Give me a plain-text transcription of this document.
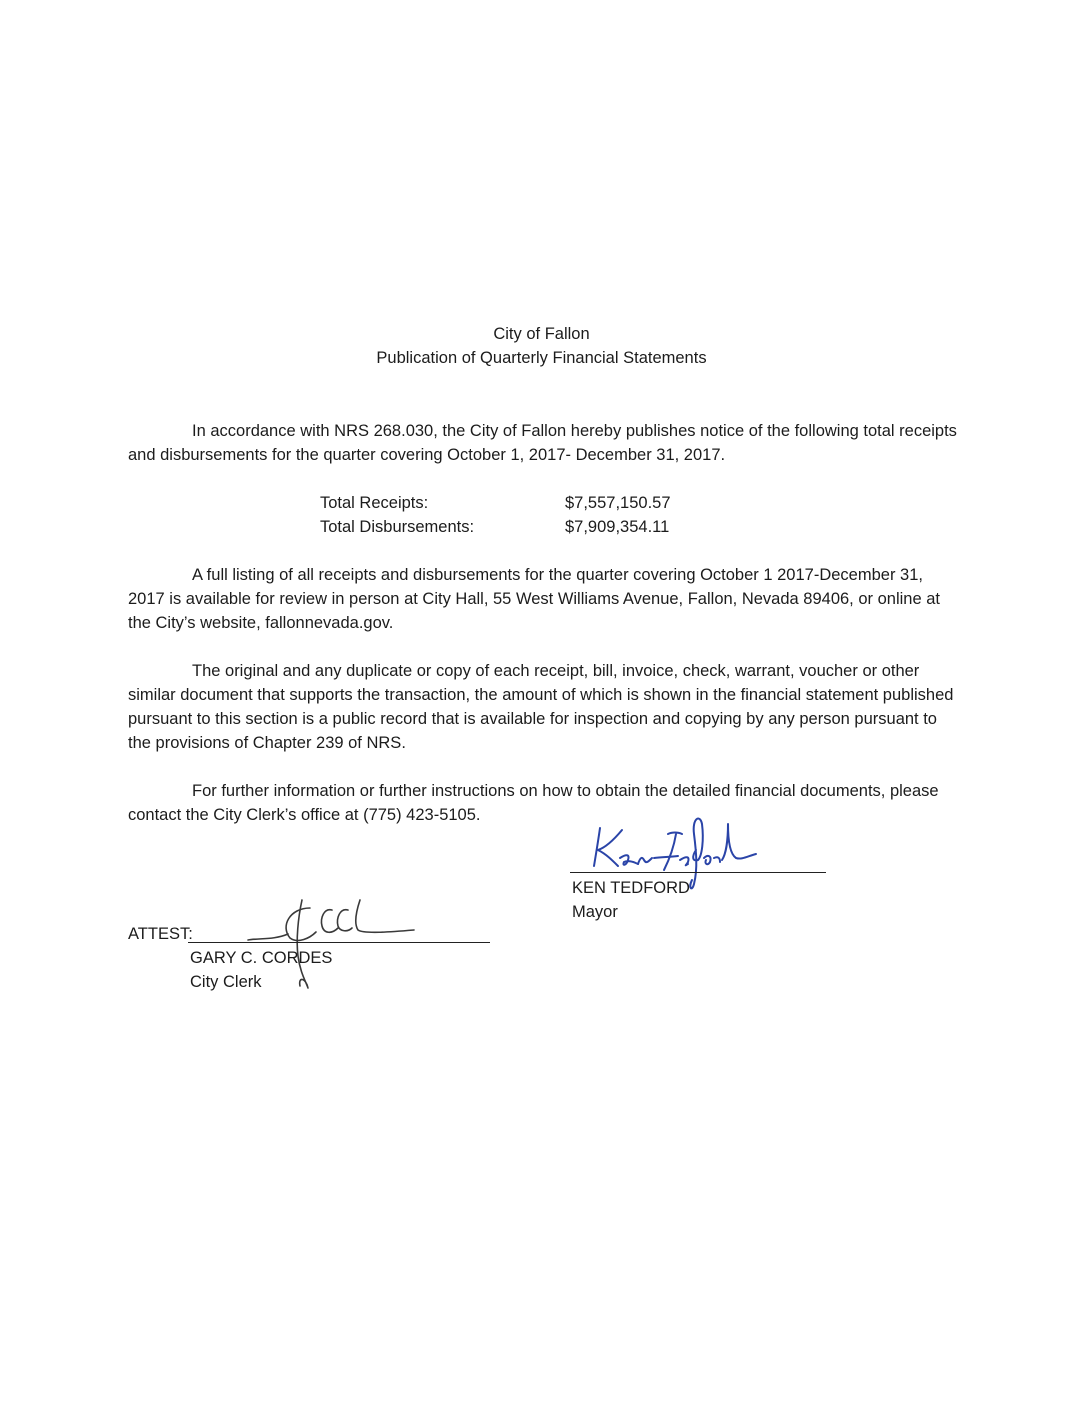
City of Fallon
Publication of Quarterly Financial Statements

In accordance with NRS 268.030, the City of Fallon hereby publishes notice of the following total receipts and disbursements for the quarter covering October 1, 2017- December 31, 2017.

Total Receipts:	$7,557,150.57
Total Disbursements:	$7,909,354.11

A full listing of all receipts and disbursements for the quarter covering October 1 2017-December 31, 2017 is available for review in person at City Hall, 55 West Williams Avenue, Fallon, Nevada 89406, or online at the City’s website, fallonnevada.gov.

The original and any duplicate or copy of each receipt, bill, invoice, check, warrant, voucher or other similar document that supports the transaction, the amount of which is shown in the financial statement published pursuant to this section is a public record that is available for inspection and copying by any person pursuant to the provisions of Chapter 239 of NRS.

For further information or further instructions on how to obtain the detailed financial documents, please contact the City Clerk’s office at (775) 423-5105.

KEN TEDFORD
Mayor
ATTEST:
GARY C. CORDES
City Clerk
